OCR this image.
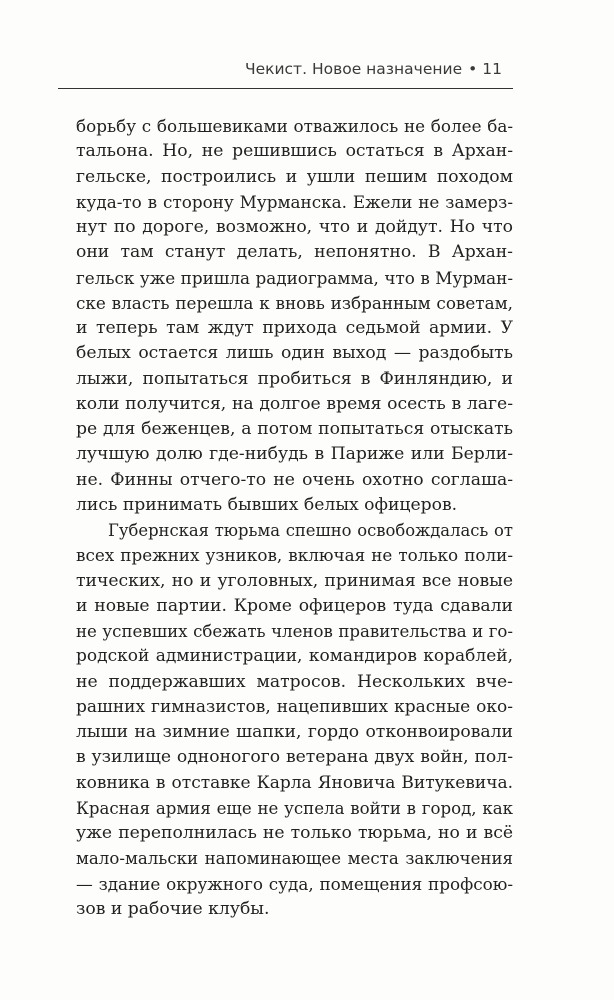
Чекист. Новое назначение • 11
борьбу с большевиками отважилось не более ба-
тальона. Но, не решившись остаться в Архан-
гельске, построились и ушли пешим походом
куда-то в сторону Мурманска. Ежели не замерз-
нут по дороге, возможно, что и дойдут. Но что
они там станут делать, непонятно. В Архан-
гельск уже пришла радиограмма, что в Мурман-
ске власть перешла к вновь избранным советам,
и теперь там ждут прихода седьмой армии. У
белых остается лишь один выход — раздобыть
лыжи, попытаться пробиться в Финляндию, и
коли получится, на долгое время осесть в лаге-
ре для беженцев, а потом попытаться отыскать
лучшую долю где-нибудь в Париже или Берли-
не. Финны отчего-то не очень охотно соглаша-
лись принимать бывших белых офицеров.
Губернская тюрьма спешно освобождалась от
всех прежних узников, включая не только поли-
тических, но и уголовных, принимая все новые
и новые партии. Кроме офицеров туда сдавали
не успевших сбежать членов правительства и го-
родской администрации, командиров кораблей,
не поддержавших матросов. Нескольких вче-
рашних гимназистов, нацепивших красные око-
лыши на зимние шапки, гордо отконвоировали
в узилище одноногого ветерана двух войн, пол-
ковника в отставке Карла Яновича Витукевича.
Красная армия еще не успела войти в город, как
уже переполнилась не только тюрьма, но и всё
мало-мальски напоминающее места заключения
— здание окружного суда, помещения профсою-
зов и рабочие клубы.
